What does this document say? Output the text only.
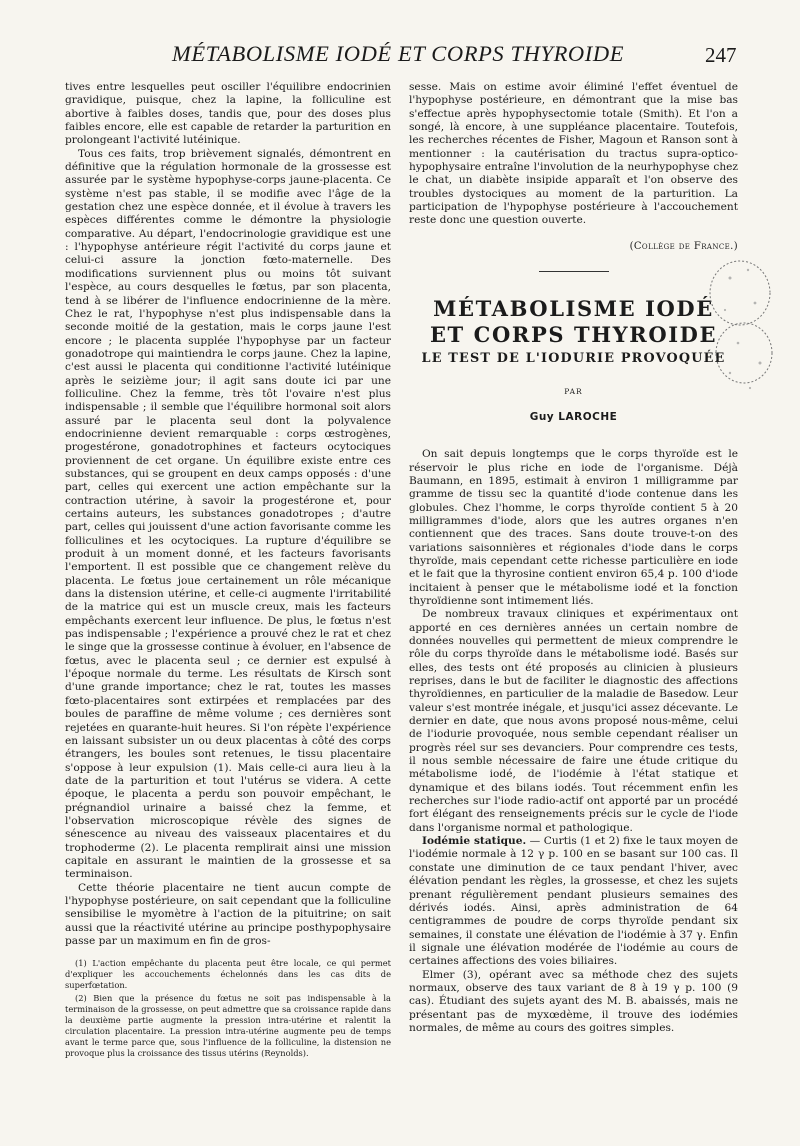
MÉTABOLISME IODÉ ET CORPS THYROIDE	247

tives entre lesquelles peut osciller l'équilibre endocrinien gravidique, puisque, chez la lapine, la folliculine est abortive à faibles doses, tandis que, pour des doses plus faibles encore, elle est capable de retarder la parturition en prolongeant l'activité lutéinique.

Tous ces faits, trop brièvement signalés, démontrent en définitive que la régulation hormonale de la grossesse est assurée par le système hypophyse-corps jaune-placenta. Ce système n'est pas stable, il se modifie avec l'âge de la gestation chez une espèce donnée, et il évolue à travers les espèces différentes comme le démontre la physiologie comparative. Au départ, l'endocrinologie gravidique est une : l'hypophyse antérieure régit l'activité du corps jaune et celui-ci assure la jonction fœto-maternelle. Des modifications surviennent plus ou moins tôt suivant l'espèce, au cours desquelles le fœtus, par son placenta, tend à se libérer de l'influence endocrinienne de la mère. Chez le rat, l'hypophyse n'est plus indispensable dans la seconde moitié de la gestation, mais le corps jaune l'est encore ; le placenta supplée l'hypophyse par un facteur gonadotrope qui maintiendra le corps jaune. Chez la lapine, c'est aussi le placenta qui conditionne l'activité lutéinique après le seizième jour; il agit sans doute ici par une folliculine. Chez la femme, très tôt l'ovaire n'est plus indispensable ; il semble que l'équilibre hormonal soit alors assuré par le placenta seul dont la polyvalence endocrinienne devient remarquable : corps œstrogènes, progestérone, gonadotrophines et facteurs ocytociques proviennent de cet organe. Un équilibre existe entre ces substances, qui se groupent en deux camps opposés : d'une part, celles qui exercent une action empêchante sur la contraction utérine, à savoir la progestérone et, pour certains auteurs, les substances gonadotropes ; d'autre part, celles qui jouissent d'une action favorisante comme les folliculines et les ocytociques. La rupture d'équilibre se produit à un moment donné, et les facteurs favorisants l'emportent. Il est possible que ce changement relève du placenta. Le fœtus joue certainement un rôle mécanique dans la distension utérine, et celle-ci augmente l'irritabilité de la matrice qui est un muscle creux, mais les facteurs empêchants exercent leur influence. De plus, le fœtus n'est pas indispensable ; l'expérience a prouvé chez le rat et chez le singe que la grossesse continue à évoluer, en l'absence de fœtus, avec le placenta seul ; ce dernier est expulsé à l'époque normale du terme. Les résultats de Kirsch sont d'une grande importance; chez le rat, toutes les masses fœto-placentaires sont extirpées et remplacées par des boules de paraffine de même volume ; ces dernières sont rejetées en quarante-huit heures. Si l'on répète l'expérience en laissant subsister un ou deux placentas à côté des corps étrangers, les boules sont retenues, le tissu placentaire s'oppose à leur expulsion (1). Mais celle-ci aura lieu à la date de la parturition et tout l'utérus se videra. A cette époque, le placenta a perdu son pouvoir empêchant, le prégnandiol urinaire a baissé chez la femme, et l'observation microscopique révèle des signes de sénescence au niveau des vaisseaux placentaires et du trophoderme (2). Le placenta remplirait ainsi une mission capitale en assurant le maintien de la grossesse et sa terminaison.

Cette théorie placentaire ne tient aucun compte de l'hypophyse postérieure, on sait cependant que la folliculine sensibilise le myomètre à l'action de la pituitrine; on sait aussi que la réactivité utérine au principe posthypophysaire passe par un maximum en fin de gros-

(1) L'action empêchante du placenta peut être locale, ce qui permet d'expliquer les accouchements échelonnés dans les cas dits de superfœtation.

(2) Bien que la présence du fœtus ne soit pas indispensable à la terminaison de la grossesse, on peut admettre que sa croissance rapide dans la deuxième partie augmente la pression intra-utérine et ralentit la circulation placentaire. La pression intra-utérine augmente peu de temps avant le terme parce que, sous l'influence de la folliculine, la distension ne provoque plus la croissance des tissus utérins (Reynolds).

sesse. Mais on estime avoir éliminé l'effet éventuel de l'hypophyse postérieure, en démontrant que la mise bas s'effectue après hypophysectomie totale (Smith). Et l'on a songé, là encore, à une suppléance placentaire. Toutefois, les recherches récentes de Fisher, Magoun et Ranson sont à mentionner : la cautérisation du tractus supra-optico-hypophysaire entraîne l'involution de la neurhypophyse chez le chat, un diabète insipide apparaît et l'on observe des troubles dystociques au moment de la parturition. La participation de l'hypophyse postérieure à l'accouchement reste donc une question ouverte.

(Collège de France.)
MÉTABOLISME IODÉ
ET CORPS THYROIDE
LE TEST DE L'IODURIE PROVOQUÉE
PAR
Guy LAROCHE

On sait depuis longtemps que le corps thyroïde est le réservoir le plus riche en iode de l'organisme. Déjà Baumann, en 1895, estimait à environ 1 milligramme par gramme de tissu sec la quantité d'iode contenue dans les globules. Chez l'homme, le corps thyroïde contient 5 à 20 milligrammes d'iode, alors que les autres organes n'en contiennent que des traces. Sans doute trouve-t-on des variations saisonnières et régionales d'iode dans le corps thyroïde, mais cependant cette richesse particulière en iode et le fait que la thyrosine contient environ 65,4 p. 100 d'iode incitaient à penser que le métabolisme iodé et la fonction thyroïdienne sont intimement liés.

De nombreux travaux cliniques et expérimentaux ont apporté en ces dernières années un certain nombre de données nouvelles qui permettent de mieux comprendre le rôle du corps thyroïde dans le métabolisme iodé. Basés sur elles, des tests ont été proposés au clinicien à plusieurs reprises, dans le but de faciliter le diagnostic des affections thyroïdiennes, en particulier de la maladie de Basedow. Leur valeur s'est montrée inégale, et jusqu'ici assez décevante. Le dernier en date, que nous avons proposé nous-même, celui de l'iodurie provoquée, nous semble cependant réaliser un progrès réel sur ses devanciers. Pour comprendre ces tests, il nous semble nécessaire de faire une étude critique du métabolisme iodé, de l'iodémie à l'état statique et dynamique et des bilans iodés. Tout récemment enfin les recherches sur l'iode radio-actif ont apporté par un procédé fort élégant des renseignements précis sur le cycle de l'iode dans l'organisme normal et pathologique.

Iodémie statique. — Curtis (1 et 2) fixe le taux moyen de l'iodémie normale à 12 γ p. 100 en se basant sur 100 cas. Il constate une diminution de ce taux pendant l'hiver, avec élévation pendant les règles, la grossesse, et chez les sujets prenant régulièrement pendant plusieurs semaines des dérivés iodés. Ainsi, après administration de 64 centigrammes de poudre de corps thyroïde pendant six semaines, il constate une élévation de l'iodémie à 37 γ. Enfin il signale une élévation modérée de l'iodémie au cours de certaines affections des voies biliaires.

Elmer (3), opérant avec sa méthode chez des sujets normaux, observe des taux variant de 8 à 19 γ p. 100 (9 cas). Étudiant des sujets ayant des M. B. abaissés, mais ne présentant pas de myxœdème, il trouve des iodémies normales, de même au cours des goitres simples.
